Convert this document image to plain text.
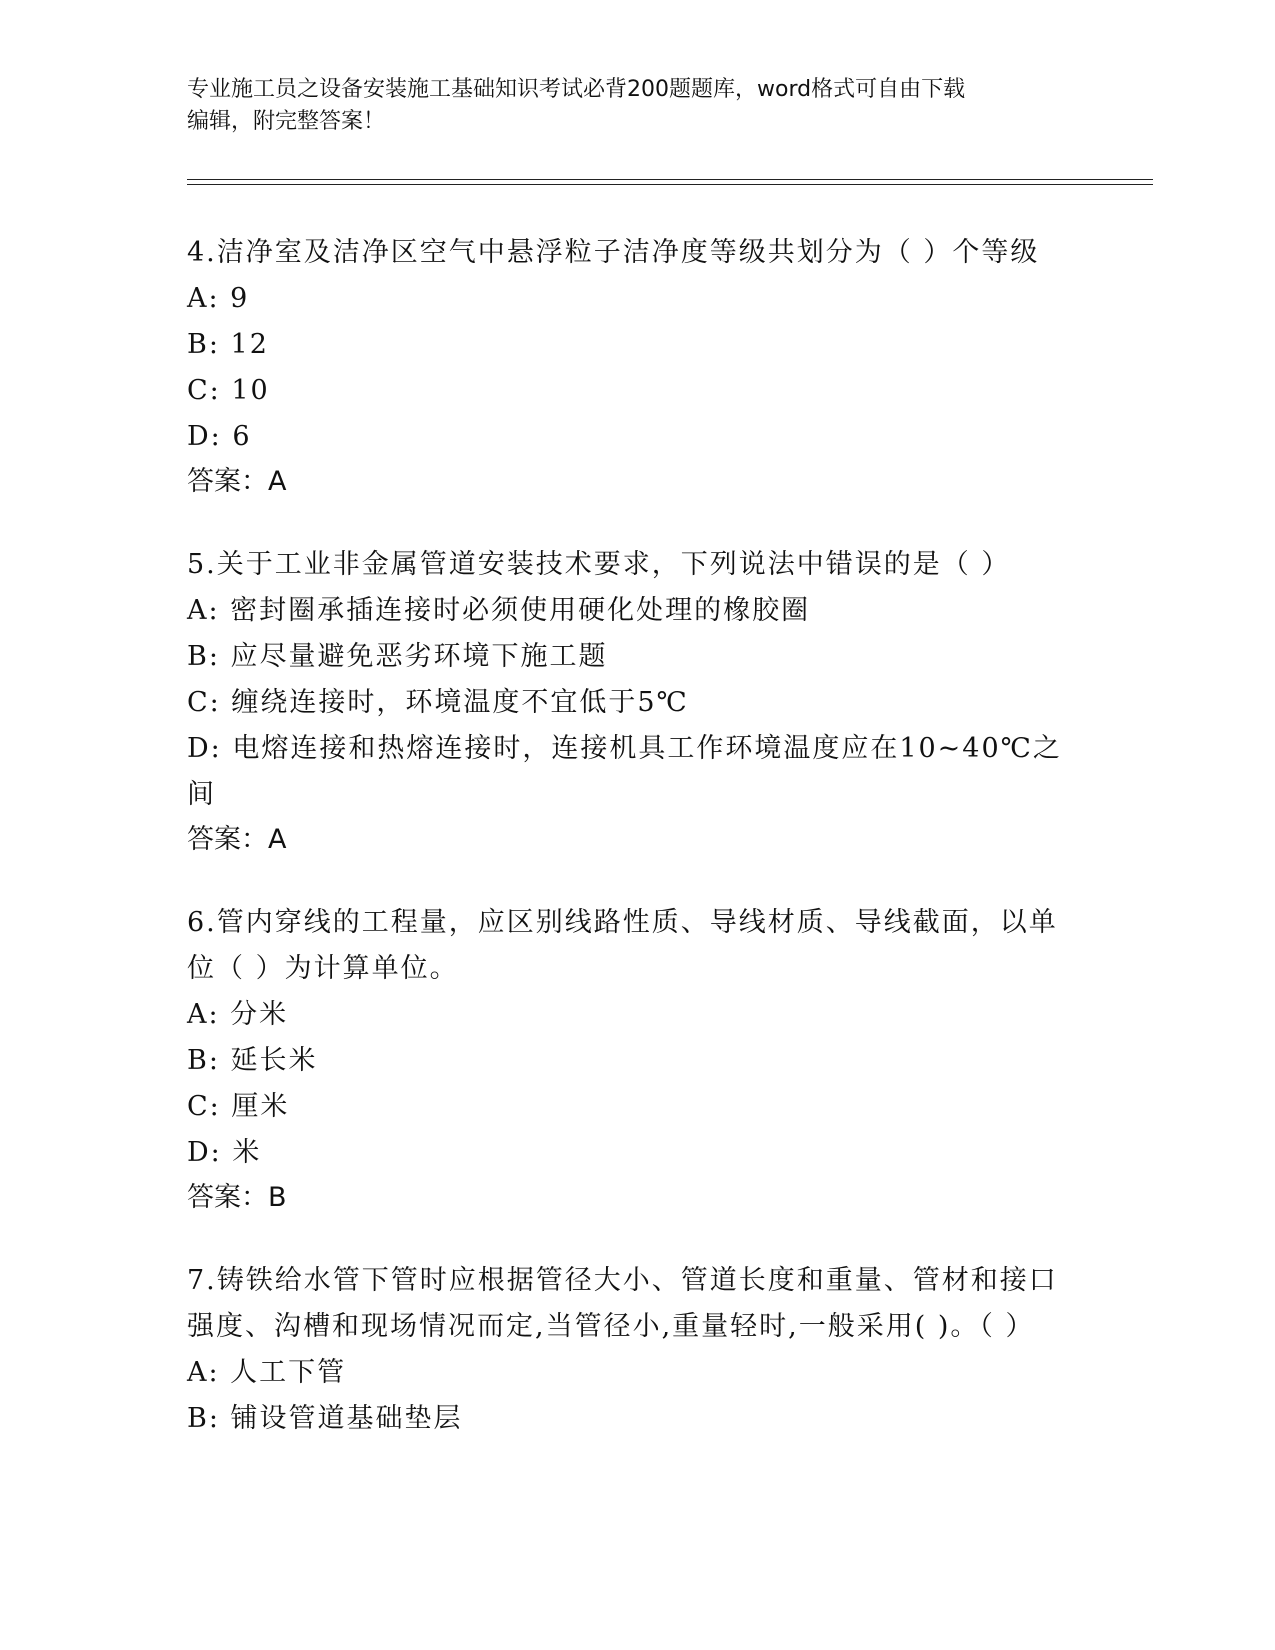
专业施工员之设备安装施工基础知识考试必背200题题库，word格式可自由下载
编辑，附完整答案！

4.洁净室及洁净区空气中悬浮粒子洁净度等级共划分为（ ）个等级

A: 9

B: 12

C: 10

D: 6

答案：A

5.关于工业非金属管道安装技术要求，下列说法中错误的是（ ）

A: 密封圈承插连接时必须使用硬化处理的橡胶圈

B: 应尽量避免恶劣环境下施工题

C: 缠绕连接时，环境温度不宜低于5℃

D: 电熔连接和热熔连接时，连接机具工作环境温度应在10~40℃之间

答案：A

6.管内穿线的工程量，应区别线路性质、导线材质、导线截面，以单位（ ）为计算单位。

A: 分米

B: 延长米

C: 厘米

D: 米

答案：B

7.铸铁给水管下管时应根据管径大小、管道长度和重量、管材和接口强度、沟槽和现场情况而定,当管径小,重量轻时,一般采用( )。（ ）

A: 人工下管

B: 铺设管道基础垫层
